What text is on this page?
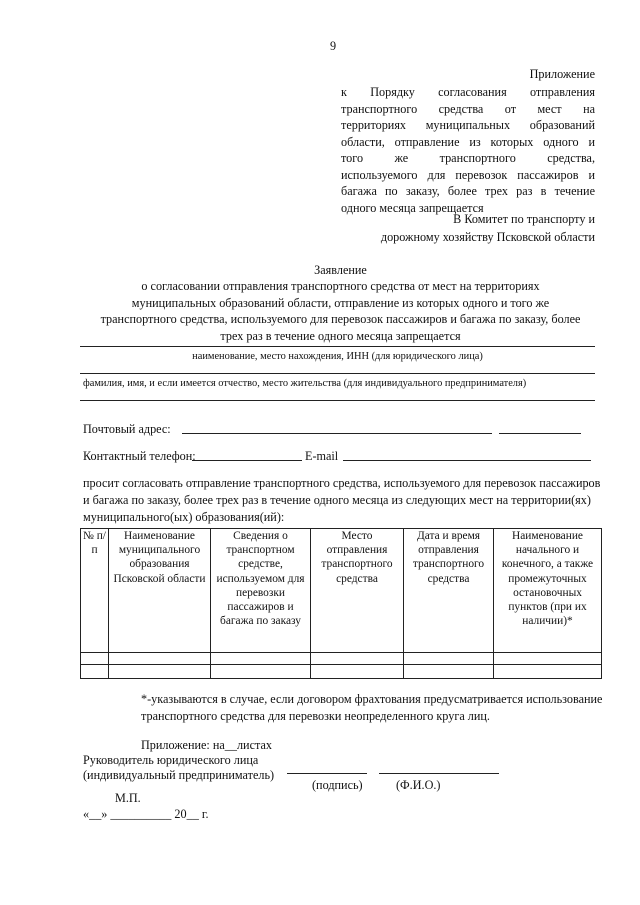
9
Приложение
к Порядку согласования отправления
транспортного средства от мест на
территориях муниципальных образований
области, отправление из которых одного и
того же транспортного средства,
используемого для перевозок пассажиров и
багажа по заказу, более трех раз в течение
одного месяца запрещается
В Комитет по транспорту и
дорожному хозяйству Псковской области
Заявление
о согласовании отправления транспортного средства от мест на территориях
муниципальных образований области, отправление из которых одного и того же
транспортного средства, используемого для перевозок пассажиров и багажа по заказу, более
трех раз в течение одного месяца запрещается
наименование, место нахождения, ИНН (для юридического лица)
фамилия, имя, и если имеется отчество, место жительства (для индивидуального предпринимателя)
Почтовый адрес:
Контактный телефон:	E-mail
просит согласовать отправление транспортного средства, используемого для перевозок пассажиров
и багажа по заказу, более трех раз в течение одного месяца из следующих мест на территории(ях)
муниципального(ых) образования(ий):
№ п/п	Наименование муниципального образования Псковской области	Сведения о транспортном средстве, используемом для перевозки пассажиров и багажа по заказу	Место отправления транспортного средства	Дата и время отправления транспортного средства	Наименование начального и конечного, а также промежуточных остановочных пунктов (при их наличии)*

*-указываются в случае, если договором фрахтования предусматривается использование
транспортного средства для перевозки неопределенного круга лиц.
Приложение: на__листах
Руководитель юридического лица
(индивидуальный предприниматель)
(подпись)	(Ф.И.О.)
М.П.
«__» __________ 20__ г.
